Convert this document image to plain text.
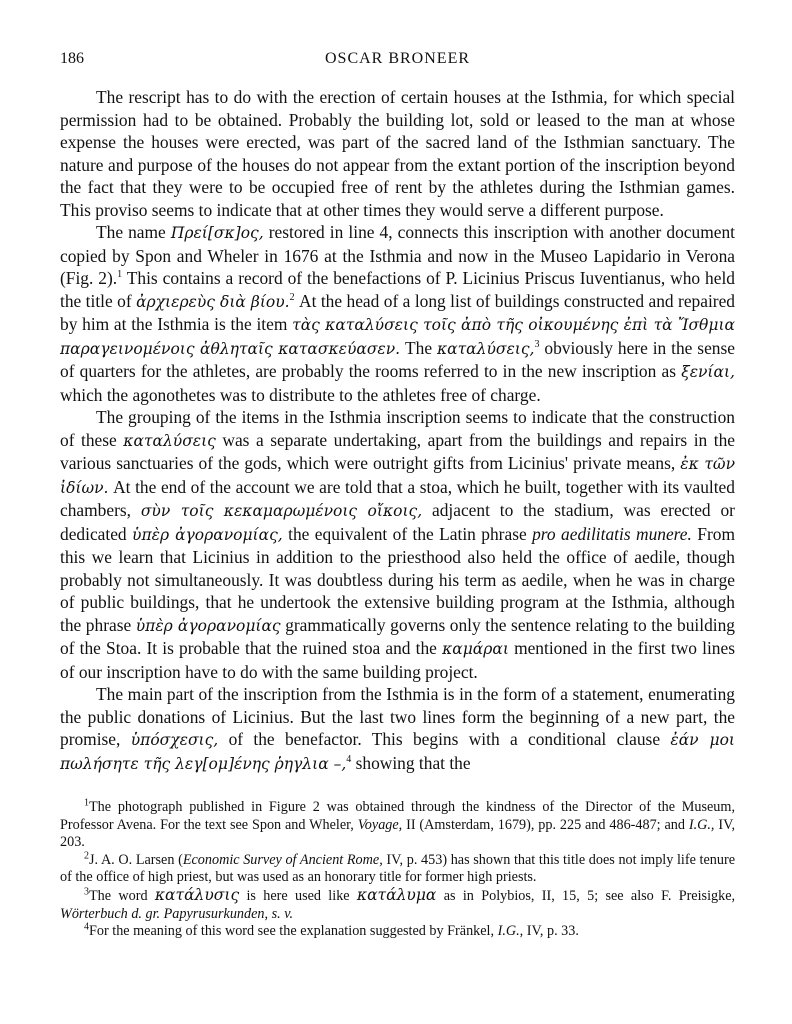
186	OSCAR BRONEER

The rescript has to do with the erection of certain houses at the Isthmia, for which special permission had to be obtained. Probably the building lot, sold or leased to the man at whose expense the houses were erected, was part of the sacred land of the Isthmian sanctuary. The nature and purpose of the houses do not appear from the extant portion of the inscription beyond the fact that they were to be occupied free of rent by the athletes during the Isthmian games. This proviso seems to indicate that at other times they would serve a different purpose.

The name Πρεί[σκ]ος, restored in line 4, connects this inscription with another document copied by Spon and Wheler in 1676 at the Isthmia and now in the Museo Lapidario in Verona (Fig. 2).$^1$ This contains a record of the benefactions of P. Licinius Priscus Iuventianus, who held the title of ἀρχιερεὺς διὰ βίου.$^2$ At the head of a long list of buildings constructed and repaired by him at the Isthmia is the item τὰς καταλύσεις τοῖς ἀπὸ τῆς οἰκουμένης ἐπὶ τὰ Ἴσθμια παραγεινομένοις ἀθληταῖς κατασκεύασεν. The καταλύσεις,$^3$ obviously here in the sense of quarters for the athletes, are probably the rooms referred to in the new inscription as ξενίαι, which the agonothetes was to distribute to the athletes free of charge.

The grouping of the items in the Isthmia inscription seems to indicate that the construction of these καταλύσεις was a separate undertaking, apart from the buildings and repairs in the various sanctuaries of the gods, which were outright gifts from Licinius' private means, ἐκ τῶν ἰδίων. At the end of the account we are told that a stoa, which he built, together with its vaulted chambers, σὺν τοῖς κεκαμαρωμένοις οἴκοις, adjacent to the stadium, was erected or dedicated ὑπὲρ ἀγορανομίας, the equivalent of the Latin phrase pro aedilitatis munere. From this we learn that Licinius in addition to the priesthood also held the office of aedile, though probably not simultaneously. It was doubtless during his term as aedile, when he was in charge of public buildings, that he undertook the extensive building program at the Isthmia, although the phrase ὑπὲρ ἀγορανομίας grammatically governs only the sentence relating to the building of the Stoa. It is probable that the ruined stoa and the καμάραι mentioned in the first two lines of our inscription have to do with the same building project.

The main part of the inscription from the Isthmia is in the form of a statement, enumerating the public donations of Licinius. But the last two lines form the beginning of a new part, the promise, ὑπόσχεσις, of the benefactor. This begins with a conditional clause ἐάν μοι πωλήσητε τῆς λεγ[ομ]ένης ῥηγλια –,$^4$ showing that the

$^1$The photograph published in Figure 2 was obtained through the kindness of the Director of the Museum, Professor Avena. For the text see Spon and Wheler, Voyage, II (Amsterdam, 1679), pp. 225 and 486-487; and I.G., IV, 203.

$^2$J. A. O. Larsen (Economic Survey of Ancient Rome, IV, p. 453) has shown that this title does not imply life tenure of the office of high priest, but was used as an honorary title for former high priests.

$^3$The word κατάλυσις is here used like κατάλυμα as in Polybios, II, 15, 5; see also F. Preisigke, Wörterbuch d. gr. Papyrusurkunden, s. v.

$^4$For the meaning of this word see the explanation suggested by Fränkel, I.G., IV, p. 33.
